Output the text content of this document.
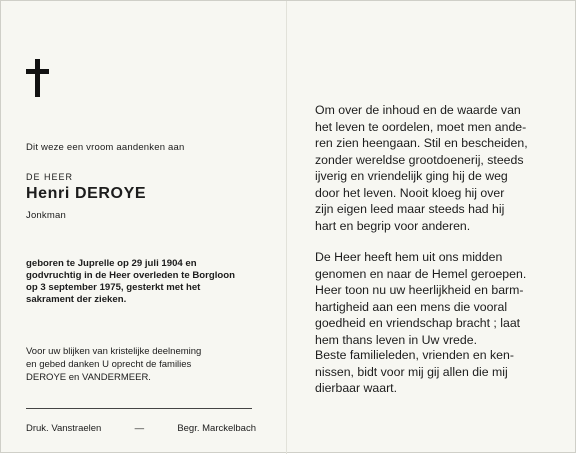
Dit weze een vroom aandenken aan
DE HEER
Henri DEROYE
Jonkman
geboren te Juprelle op 29 juli 1904 en
godvruchtig in de Heer overleden te Borgloon
op 3 september 1975, gesterkt met het
sakrament der zieken.
Voor uw blijken van kristelijke deelneming
en gebed danken U oprecht de families
DEROYE en VANDERMEER.
Druk. Vanstraelen	—	Begr. Marckelbach
Om over de inhoud en de waarde van
het leven te oordelen, moet men ande-
ren zien heengaan. Stil en bescheiden,
zonder wereldse grootdoenerij, steeds
ijverig en vriendelijk ging hij de weg
door het leven. Nooit kloeg hij over
zijn eigen leed maar steeds had hij
hart en begrip voor anderen.
De Heer heeft hem uit ons midden
genomen en naar de Hemel geroepen.
Heer toon nu uw heerlijkheid en barm-
hartigheid aan een mens die vooral
goedheid en vriendschap bracht ; laat
hem thans leven in Uw vrede.
Beste familieleden, vrienden en ken-
nissen, bidt voor mij gij allen die mij
dierbaar waart.
